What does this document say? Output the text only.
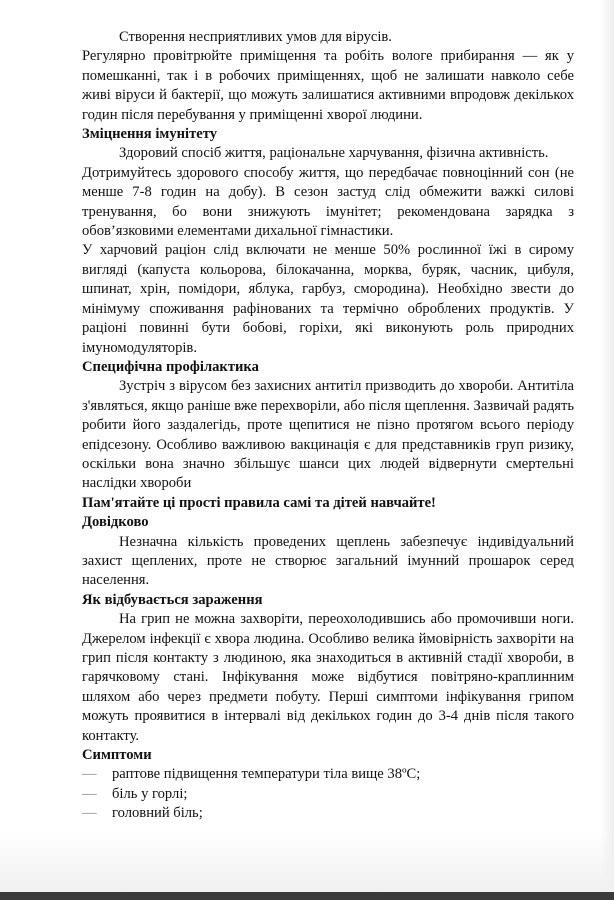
Створення несприятливих умов для вірусів.

Регулярно провітрюйте приміщення та робіть вологе прибирання — як у помешканні, так і в робочих приміщеннях, щоб не залишати навколо себе живі віруси й бактерії, що можуть залишатися активними впродовж декількох годин після перебування у приміщенні хворої людини.

Зміцнення імунітету

Здоровий спосіб життя, раціональне харчування, фізична активність.

Дотримуйтесь здорового способу життя, що передбачає повноцінний сон (не менше 7-8 годин на добу). В сезон застуд слід обмежити важкі силові тренування, бо вони знижують імунітет; рекомендована зарядка з обов’язковими елементами дихальної гімнастики.

У харчовий раціон слід включати не менше 50% рослинної їжі в сирому вигляді (капуста кольорова, білокачанна, морква, буряк, часник, цибуля, шпинат, хрін, помідори, яблука, гарбуз, смородина). Необхідно звести до мінімуму споживання рафінованих та термічно оброблених продуктів. У раціоні повинні бути бобові, горіхи, які виконують роль природних імуномодуляторів.

Специфічна профілактика

Зустріч з вірусом без захисних антитіл призводить до хвороби. Антитіла з'являться, якщо раніше вже перехворіли, або після щеплення. Зазвичай радять робити його заздалегідь, проте щепитися не пізно протягом всього періоду епідсезону. Особливо важливою вакцинація є для представників груп ризику, оскільки вона значно збільшує шанси цих людей відвернути смертельні наслідки хвороби

Пам'ятайте ці прості правила самі та дітей навчайте!

Довідково

Незначна кількість проведених щеплень забезпечує індивідуальний захист щеплених, проте не створює загальний імунний прошарок серед населення.

Як відбувається зараження

На грип не можна захворіти, переохолодившись або промочивши ноги. Джерелом інфекції є хвора людина. Особливо велика ймовірність захворіти на грип після контакту з людиною, яка знаходиться в активній стадії хвороби, в гарячковому стані. Інфікування може відбутися повітряно-краплинним шляхом або через предмети побуту. Перші симптоми інфікування грипом можуть проявитися в інтервалі від декількох годин до 3-4 днів після такого контакту.

Симптоми

— раптове підвищення температури тіла вище 38ºC;
— біль у горлі;
— головний біль;
